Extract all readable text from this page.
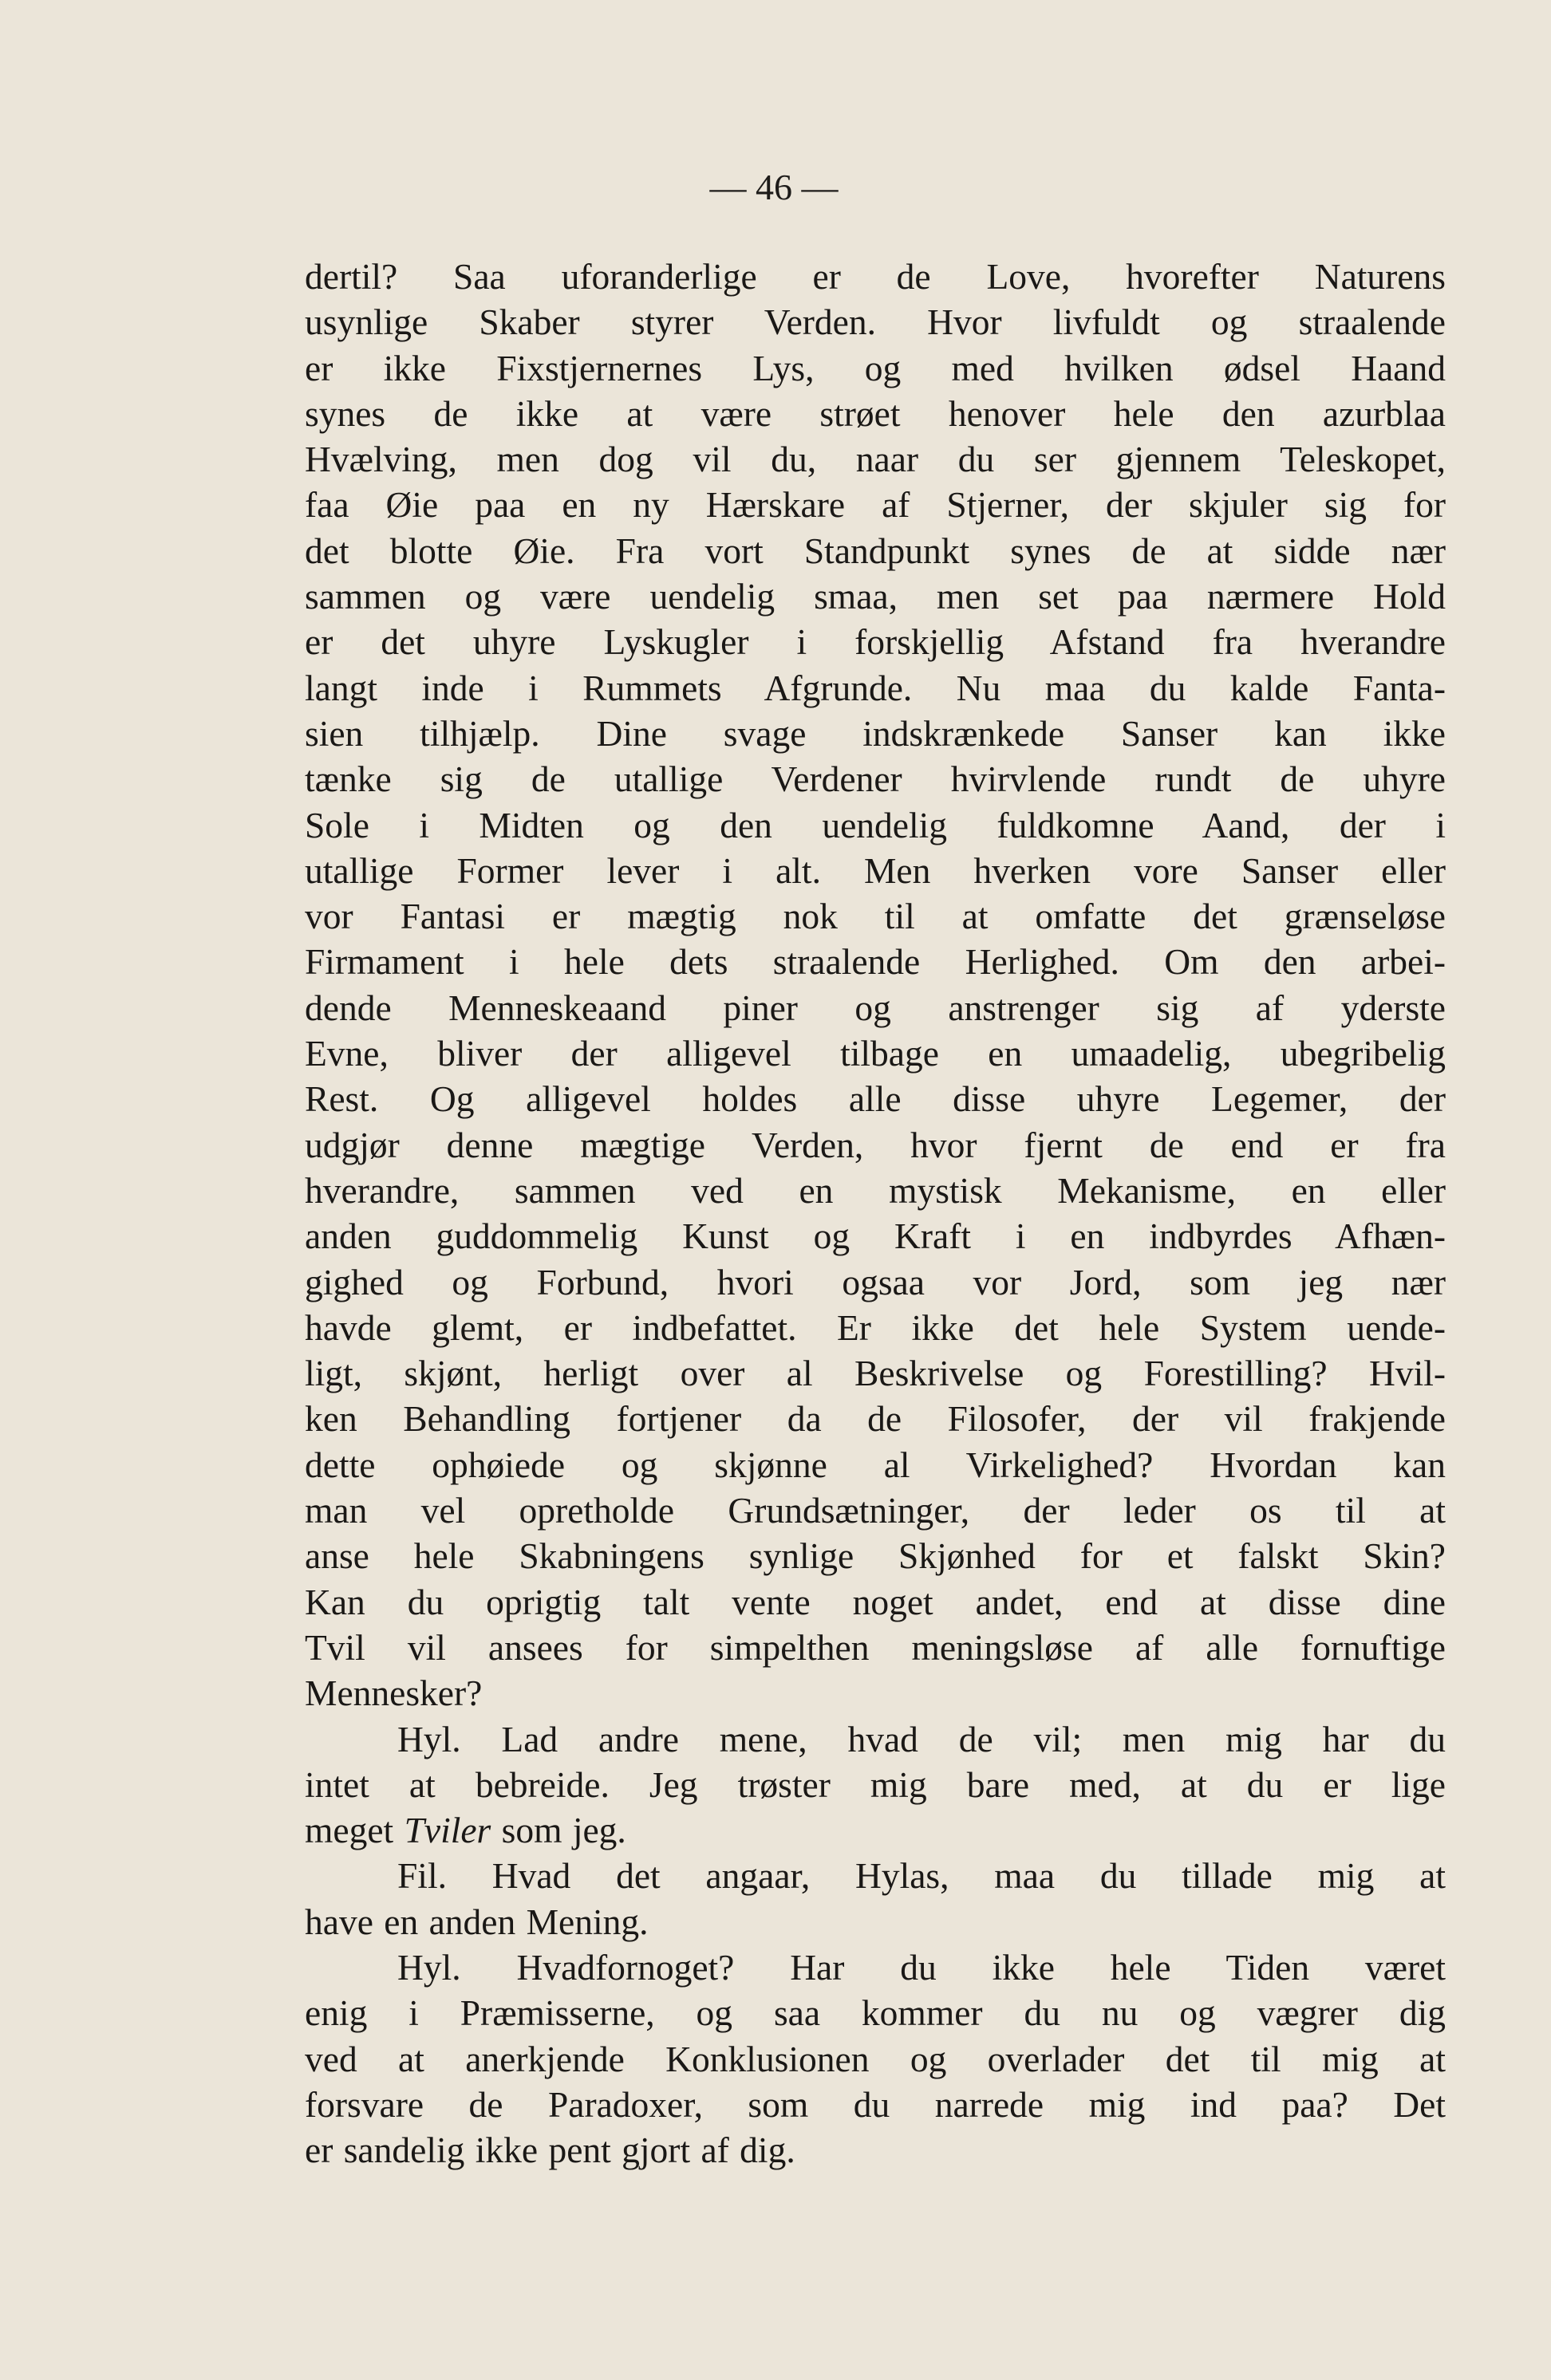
— 46 —
dertil? Saa uforanderlige er de Love, hvorefter Naturens
usynlige Skaber styrer Verden. Hvor livfuldt og straalende
er ikke Fixstjernernes Lys, og med hvilken ødsel Haand
synes de ikke at være strøet henover hele den azurblaa
Hvælving, men dog vil du, naar du ser gjennem Teleskopet,
faa Øie paa en ny Hærskare af Stjerner, der skjuler sig for
det blotte Øie. Fra vort Standpunkt synes de at sidde nær
sammen og være uendelig smaa, men set paa nærmere Hold
er det uhyre Lyskugler i forskjellig Afstand fra hverandre
langt inde i Rummets Afgrunde. Nu maa du kalde Fanta-
sien tilhjælp. Dine svage indskrænkede Sanser kan ikke
tænke sig de utallige Verdener hvirvlende rundt de uhyre
Sole i Midten og den uendelig fuldkomne Aand, der i
utallige Former lever i alt. Men hverken vore Sanser eller
vor Fantasi er mægtig nok til at omfatte det grænseløse
Firmament i hele dets straalende Herlighed. Om den arbei-
dende Menneskeaand piner og anstrenger sig af yderste
Evne, bliver der alligevel tilbage en umaadelig, ubegribelig
Rest. Og alligevel holdes alle disse uhyre Legemer, der
udgjør denne mægtige Verden, hvor fjernt de end er fra
hverandre, sammen ved en mystisk Mekanisme, en eller
anden guddommelig Kunst og Kraft i en indbyrdes Afhæn-
gighed og Forbund, hvori ogsaa vor Jord, som jeg nær
havde glemt, er indbefattet. Er ikke det hele System uende-
ligt, skjønt, herligt over al Beskrivelse og Forestilling? Hvil-
ken Behandling fortjener da de Filosofer, der vil frakjende
dette ophøiede og skjønne al Virkelighed? Hvordan kan
man vel opretholde Grundsætninger, der leder os til at
anse hele Skabningens synlige Skjønhed for et falskt Skin?
Kan du oprigtig talt vente noget andet, end at disse dine
Tvil vil ansees for simpelthen meningsløse af alle fornuftige
Mennesker?
Hyl. Lad andre mene, hvad de vil; men mig har du
intet at bebreide. Jeg trøster mig bare med, at du er lige
meget Tviler som jeg.
Fil. Hvad det angaar, Hylas, maa du tillade mig at
have en anden Mening.
Hyl. Hvadfornoget? Har du ikke hele Tiden været
enig i Præmisserne, og saa kommer du nu og vægrer dig
ved at anerkjende Konklusionen og overlader det til mig at
forsvare de Paradoxer, som du narrede mig ind paa? Det
er sandelig ikke pent gjort af dig.
